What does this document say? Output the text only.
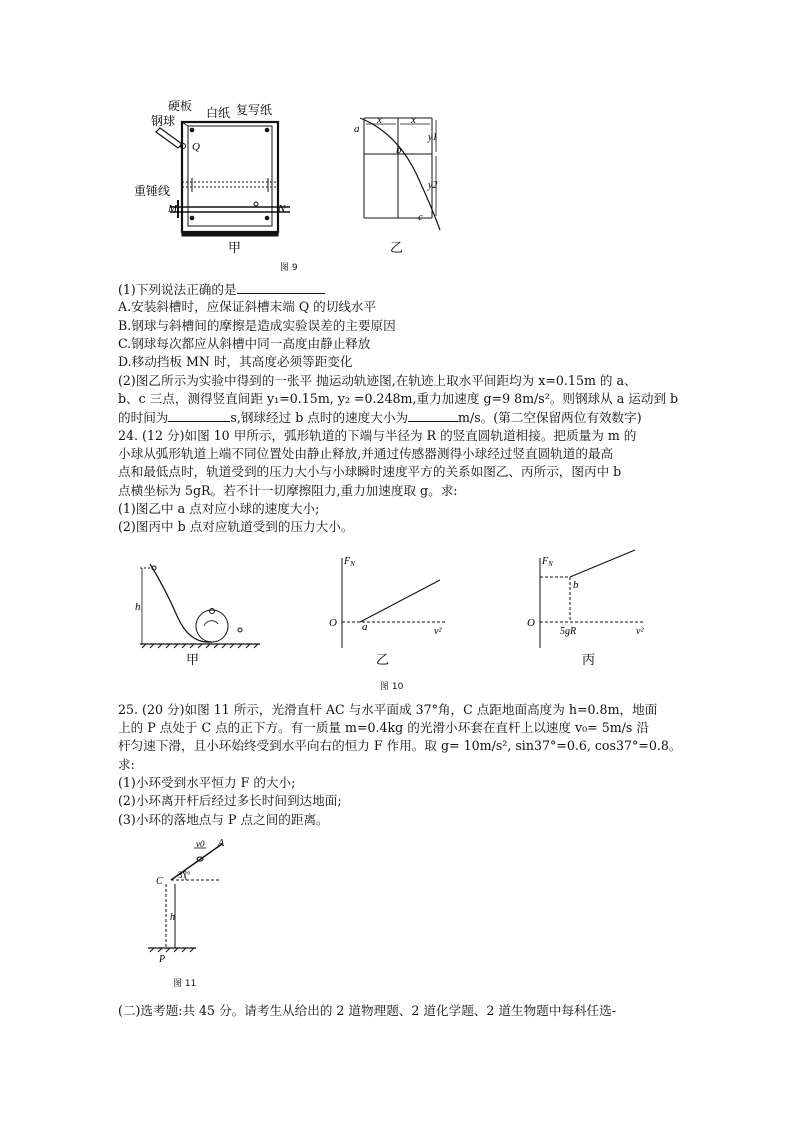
硬板 白纸 复写纸
钢球
Q
重锤线
M	N
甲
a
b
c
x	x
y1
y2
乙
图 9
(1)下列说法正确的是
A.安装斜槽时，应保证斜槽末端 Q 的切线水平
B.钢球与斜槽间的摩擦是造成实验误差的主要原因
C.钢球每次都应从斜槽中同一高度由静止释放
D.移动挡板 MN 时，其高度必须等距变化
(2)图乙所示为实验中得到的一张平 抛运动轨迹图,在轨迹上取水平间距均为 x=0.15m 的 a、
b、c 三点，测得竖直间距 y₁=0.15m, y₂ =0.248m,重力加速度 g=9 8m/s²。则钢球从 a 运动到 b
的时间为	s,钢球经过 b 点时的速度大小为	m/s。(第二空保留两位有效数字)
24. (12 分)如图 10 甲所示，弧形轨道的下端与半径为 R 的竖直圆轨道相接。把质量为 m 的
小球从弧形轨道上端不同位置处由静止释放,并通过传感器测得小球经过竖直圆轨道的最高
点和最低点时，轨道受到的压力大小与小球瞬时速度平方的关系如图乙、丙所示，图丙中 b
点横坐标为 5gR。若不计一切摩擦阻力,重力加速度取 g。求:
(1)图乙中 a 点对应小球的速度大小;
(2)图丙中 b 点对应轨道受到的压力大小。
h
甲
$F_N$
O a	v²
乙
$F_N$
O
b
5gR	v²
丙
图 10
25. (20 分)如图 11 所示，光滑直杆 AC 与水平面成 37°角，C 点距地面高度为 h=0.8m，地面
上的 P 点处于 C 点的正下方。有一质量 m=0.4kg 的光滑小环套在直杆上以速度 v₀= 5m/s 沿
杆匀速下滑，且小环始终受到水平向右的恒力 F 作用。取 g= 10m/s², sin37°=0.6, cos37°=0.8。
求:
(1)小环受到水平恒力 F 的大小;
(2)小环离开杆后经过多长时间到达地面;
(3)小环的落地点与 P 点之间的距离。
A
v0
37°
C
h
P
图 11
(二)选考题:共 45 分。请考生从给出的 2 道物理题、2 道化学题、2 道生物题中每科任选-
